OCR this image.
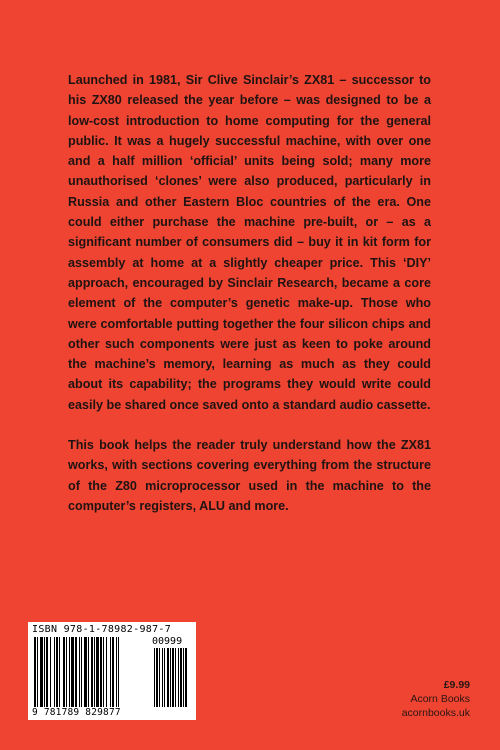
Launched in 1981, Sir Clive Sinclair’s ZX81 – successor to his ZX80 released the year before – was designed to be a low-cost introduction to home computing for the general public. It was a hugely successful machine, with over one and a half million ‘official’ units being sold; many more unauthorised ‘clones’ were also produced, particularly in Russia and other Eastern Bloc countries of the era. One could either purchase the machine pre-built, or – as a significant number of consumers did – buy it in kit form for assembly at home at a slightly cheaper price. This ‘DIY’ approach, encouraged by Sinclair Research, became a core element of the computer’s genetic make-up. Those who were comfortable putting together the four silicon chips and other such components were just as keen to poke around the machine’s memory, learning as much as they could about its capability; the programs they would write could easily be shared once saved onto a standard audio cassette.

This book helps the reader truly understand how the ZX81 works, with sections covering everything from the structure of the Z80 microprocessor used in the machine to the computer’s registers, ALU and more.

ISBN 978-1-78982-987-7
00999
9 781789 829877
£9.99
Acorn Books
acornbooks.uk
